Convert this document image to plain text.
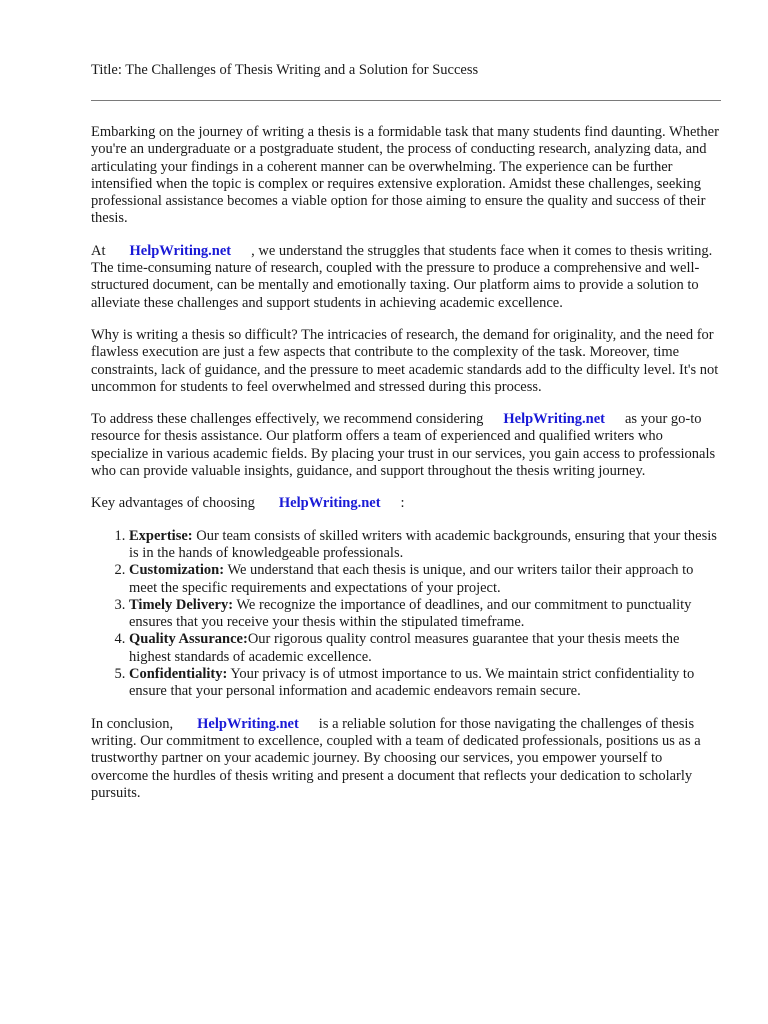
Title: The Challenges of Thesis Writing and a Solution for Success

Embarking on the journey of writing a thesis is a formidable task that many students find daunting. Whether you're an undergraduate or a postgraduate student, the process of conducting research, analyzing data, and articulating your findings in a coherent manner can be overwhelming. The experience can be further intensified when the topic is complex or requires extensive exploration. Amidst these challenges, seeking professional assistance becomes a viable option for those aiming to ensure the quality and success of their thesis.

At HelpWriting.net , we understand the struggles that students face when it comes to thesis writing. The time-consuming nature of research, coupled with the pressure to produce a comprehensive and well-structured document, can be mentally and emotionally taxing. Our platform aims to provide a solution to alleviate these challenges and support students in achieving academic excellence.

Why is writing a thesis so difficult? The intricacies of research, the demand for originality, and the need for flawless execution are just a few aspects that contribute to the complexity of the task. Moreover, time constraints, lack of guidance, and the pressure to meet academic standards add to the difficulty level. It's not uncommon for students to feel overwhelmed and stressed during this process.

To address these challenges effectively, we recommend considering HelpWriting.net as your go-to resource for thesis assistance. Our platform offers a team of experienced and qualified writers who specialize in various academic fields. By placing your trust in our services, you gain access to professionals who can provide valuable insights, guidance, and support throughout the thesis writing journey.

Key advantages of choosing HelpWriting.net :

1. Expertise: Our team consists of skilled writers with academic backgrounds, ensuring that your thesis is in the hands of knowledgeable professionals.
2. Customization: We understand that each thesis is unique, and our writers tailor their approach to meet the specific requirements and expectations of your project.
3. Timely Delivery: We recognize the importance of deadlines, and our commitment to punctuality ensures that you receive your thesis within the stipulated timeframe.
4. Quality Assurance:Our rigorous quality control measures guarantee that your thesis meets the highest standards of academic excellence.
5. Confidentiality: Your privacy is of utmost importance to us. We maintain strict confidentiality to ensure that your personal information and academic endeavors remain secure.

In conclusion, HelpWriting.net is a reliable solution for those navigating the challenges of thesis writing. Our commitment to excellence, coupled with a team of dedicated professionals, positions us as a trustworthy partner on your academic journey. By choosing our services, you empower yourself to overcome the hurdles of thesis writing and present a document that reflects your dedication to scholarly pursuits.
